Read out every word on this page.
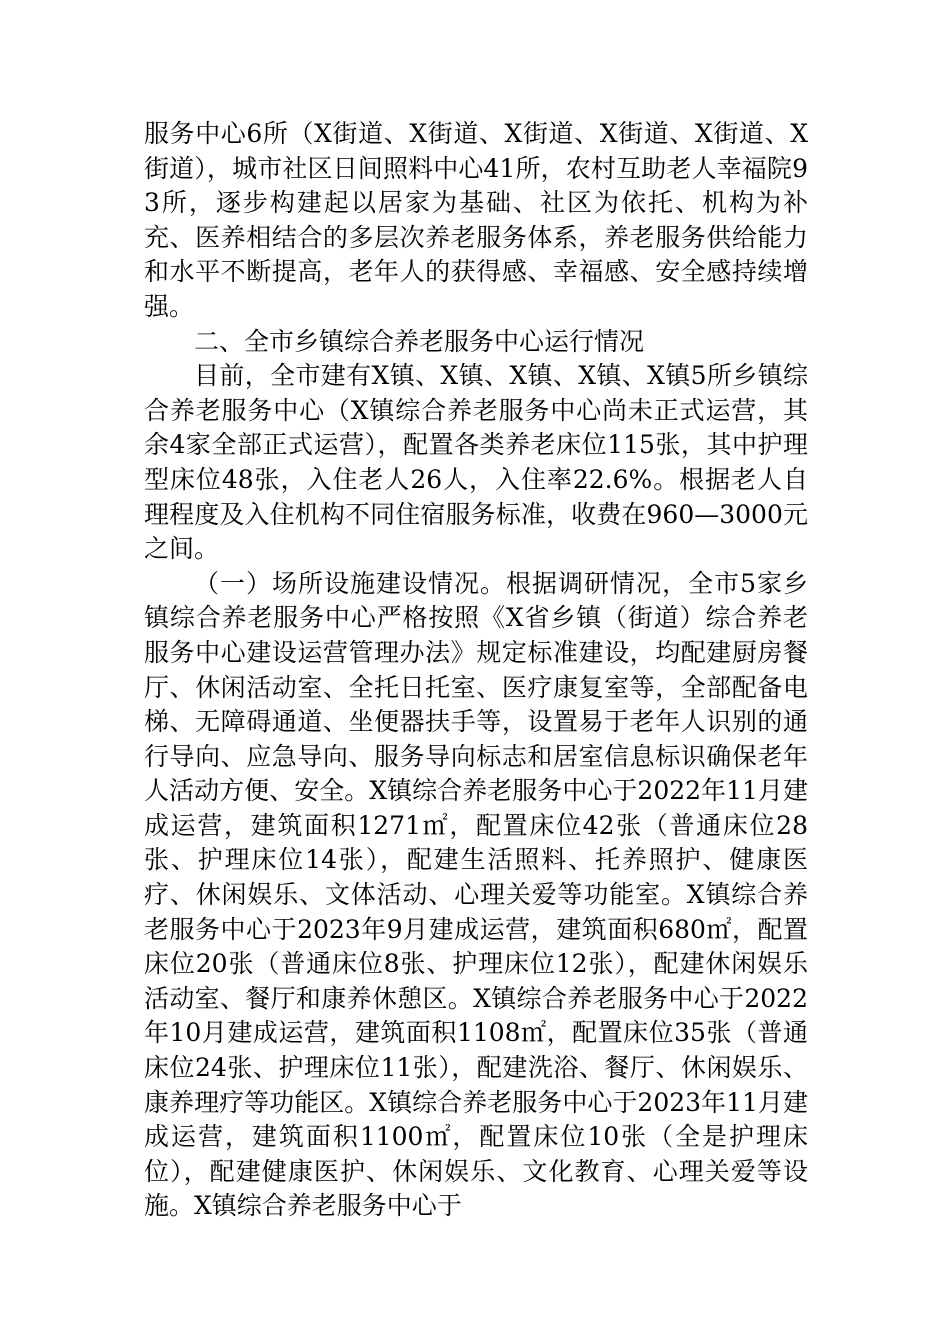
服务中心6所（X街道、X街道、X街道、X街道、X街道、X街道），城市社区日间照料中心41所，农村互助老人幸福院93所，逐步构建起以居家为基础、社区为依托、机构为补充、医养相结合的多层次养老服务体系，养老服务供给能力和水平不断提高，老年人的获得感、幸福感、安全感持续增强。

二、全市乡镇综合养老服务中心运行情况

目前，全市建有X镇、X镇、X镇、X镇、X镇5所乡镇综合养老服务中心（X镇综合养老服务中心尚未正式运营，其余4家全部正式运营），配置各类养老床位115张，其中护理型床位48张，入住老人26人，入住率22.6%。根据老人自理程度及入住机构不同住宿服务标准，收费在960—3000元之间。

（一）场所设施建设情况。根据调研情况，全市5家乡镇综合养老服务中心严格按照《X省乡镇（街道）综合养老服务中心建设运营管理办法》规定标准建设，均配建厨房餐厅、休闲活动室、全托日托室、医疗康复室等，全部配备电梯、无障碍通道、坐便器扶手等，设置易于老年人识别的通行导向、应急导向、服务导向标志和居室信息标识确保老年人活动方便、安全。X镇综合养老服务中心于2022年11月建成运营，建筑面积1271㎡，配置床位42张（普通床位28张、护理床位14张），配建生活照料、托养照护、健康医疗、休闲娱乐、文体活动、心理关爱等功能室。X镇综合养老服务中心于2023年9月建成运营，建筑面积680㎡，配置床位20张（普通床位8张、护理床位12张），配建休闲娱乐活动室、餐厅和康养休憩区。X镇综合养老服务中心于2022年10月建成运营，建筑面积1108㎡，配置床位35张（普通床位24张、护理床位11张），配建洗浴、餐厅、休闲娱乐、康养理疗等功能区。X镇综合养老服务中心于2023年11月建成运营，建筑面积1100㎡，配置床位10张（全是护理床位），配建健康医护、休闲娱乐、文化教育、心理关爱等设施。X镇综合养老服务中心于
